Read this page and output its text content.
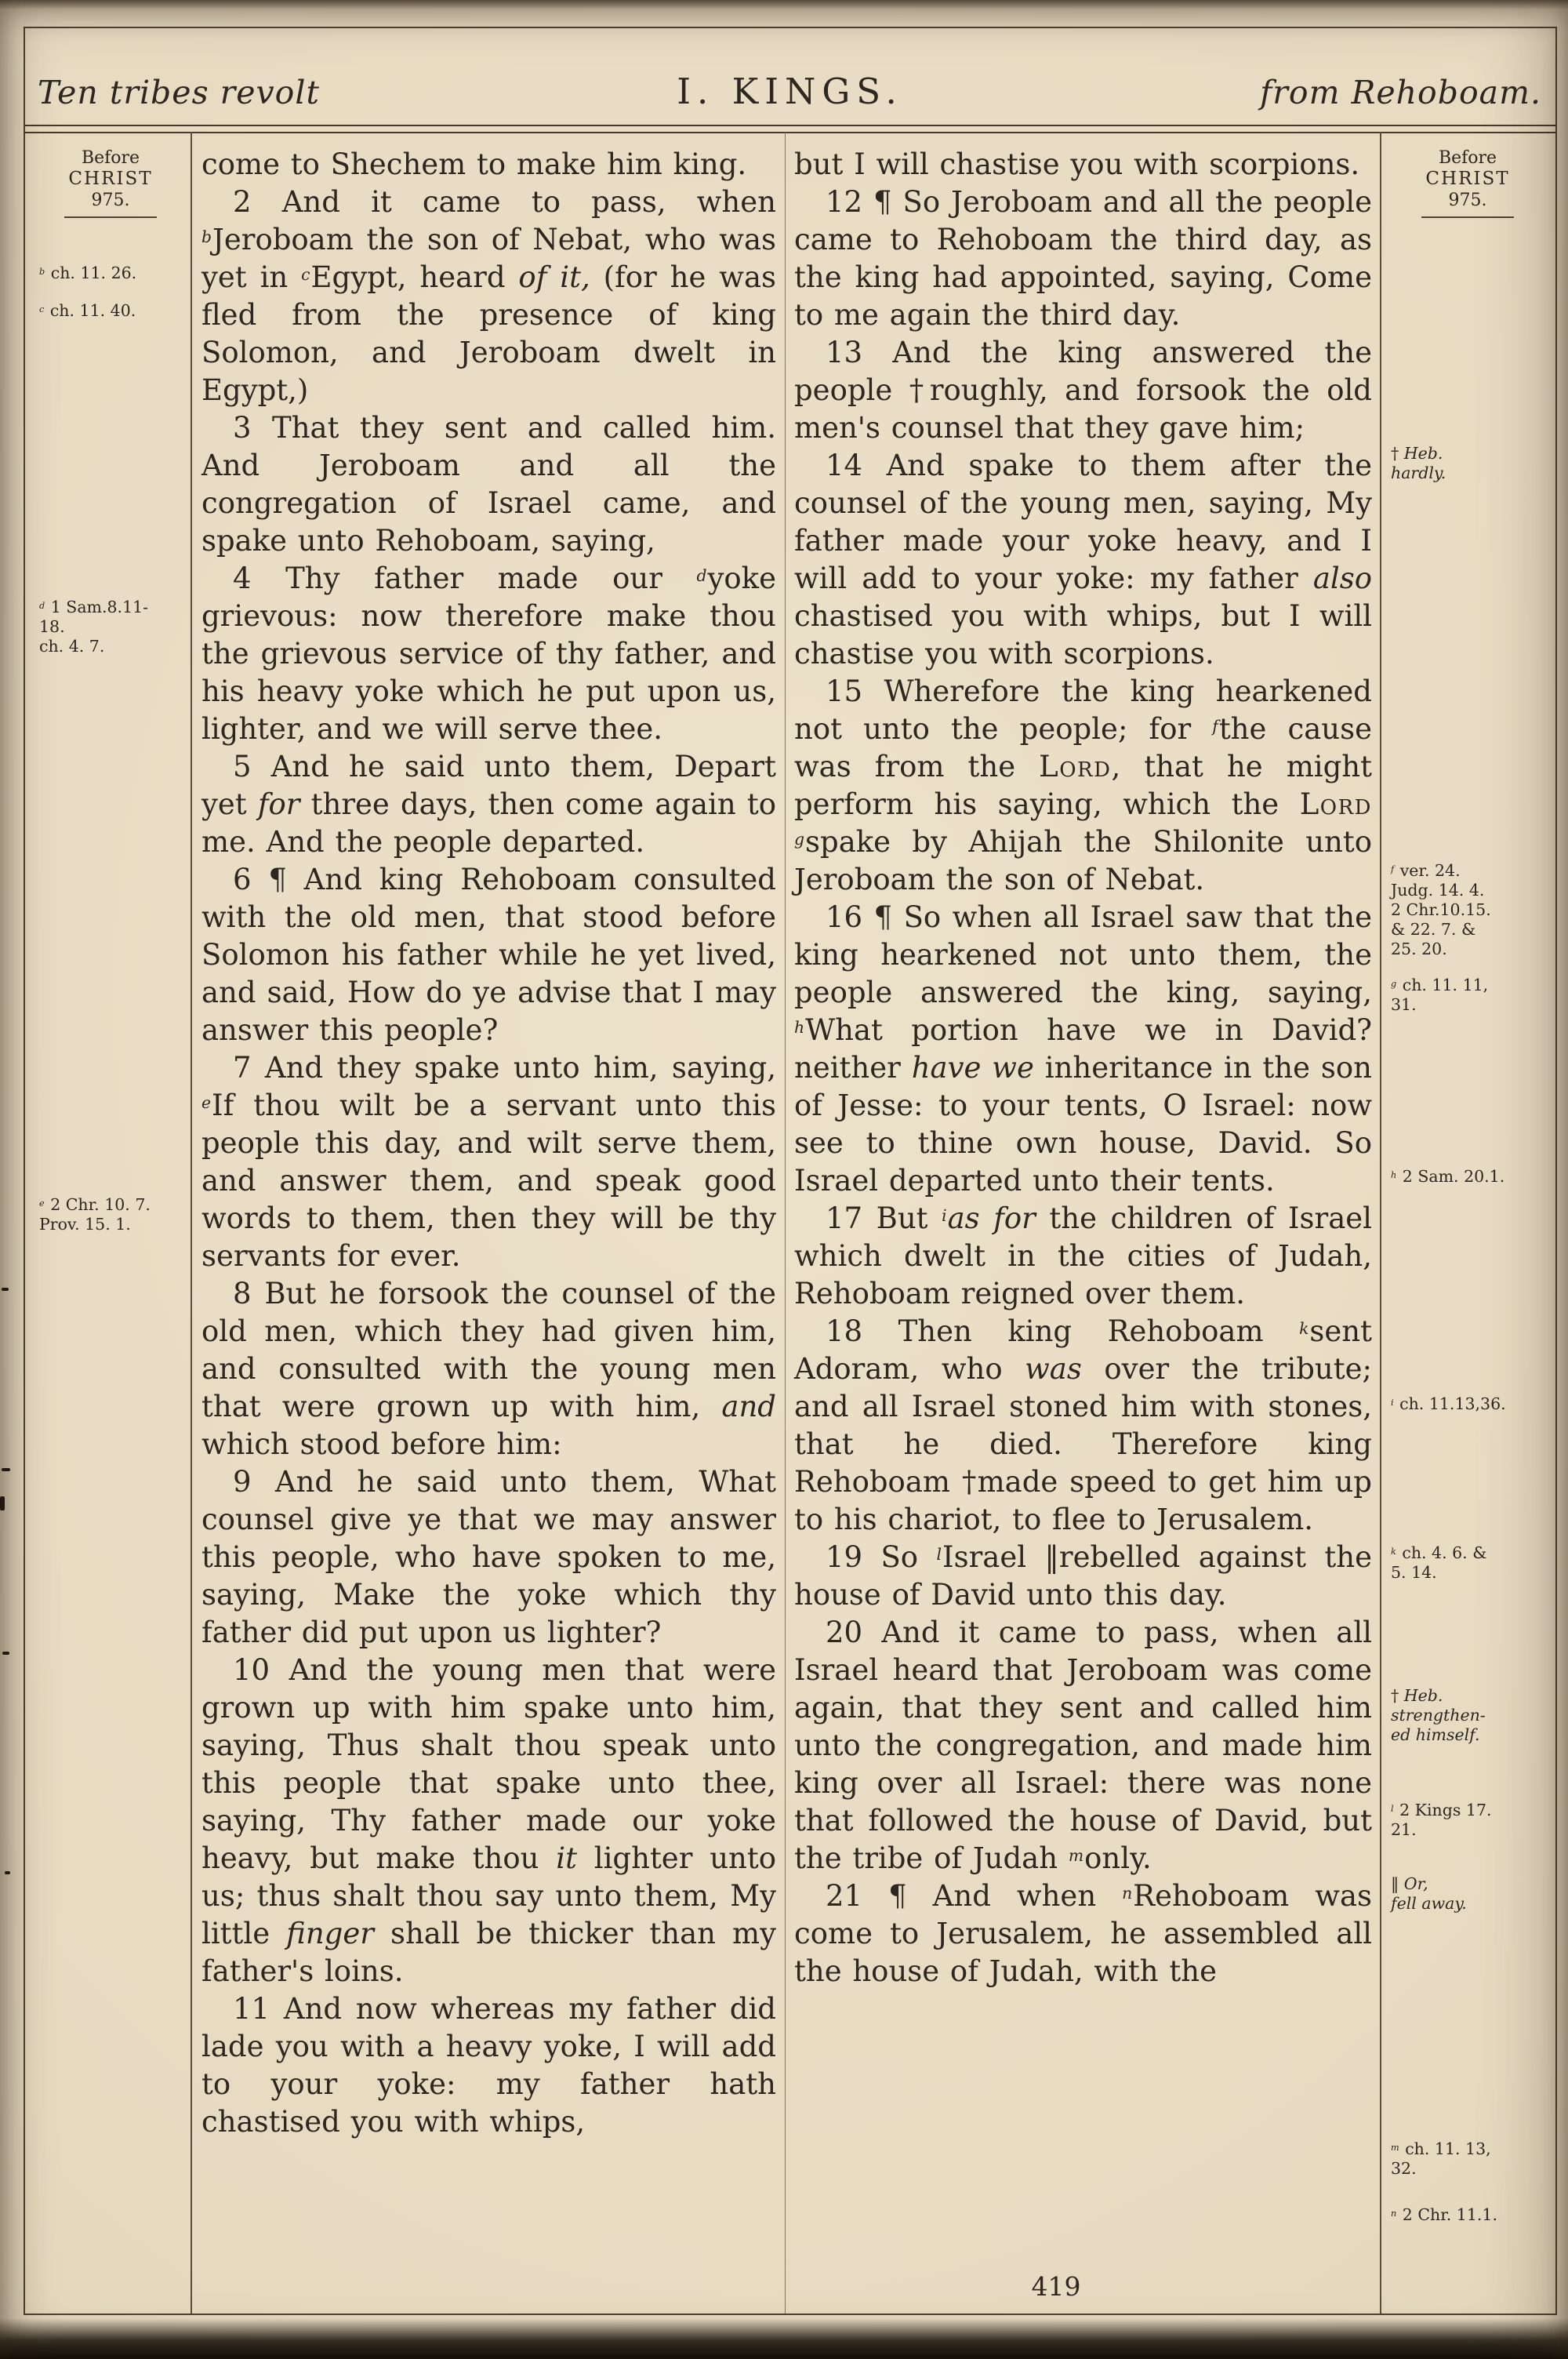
Ten tribes revolt	I. KINGS.	from Rehoboam.
Before
CHRIST
975.
$^b$ ch. 11. 26.
$^c$ ch. 11. 40.
$^d$ 1 Sam.8.11-
18.
ch. 4. 7.
$^e$ 2 Chr. 10. 7.
Prov. 15. 1.

come to Shechem to make him king.

2 And it came to pass, when $^b$Jeroboam the son of Nebat, who was yet in $^c$Egypt, heard of it, (for he was fled from the presence of king Solomon, and Jeroboam dwelt in Egypt,)

3 That they sent and called him. And Jeroboam and all the congregation of Israel came, and spake unto Rehoboam, saying,

4 Thy father made our $^d$yoke grievous: now therefore make thou the grievous service of thy father, and his heavy yoke which he put upon us, lighter, and we will serve thee.

5 And he said unto them, Depart yet for three days, then come again to me. And the people departed.

6 ¶ And king Rehoboam consulted with the old men, that stood before Solomon his father while he yet lived, and said, How do ye advise that I may answer this people?

7 And they spake unto him, saying, $^e$If thou wilt be a servant unto this people this day, and wilt serve them, and answer them, and speak good words to them, then they will be thy servants for ever.

8 But he forsook the counsel of the old men, which they had given him, and consulted with the young men that were grown up with him, and which stood before him:

9 And he said unto them, What counsel give ye that we may answer this people, who have spoken to me, saying, Make the yoke which thy father did put upon us lighter?

10 And the young men that were grown up with him spake unto him, saying, Thus shalt thou speak unto this people that spake unto thee, saying, Thy father made our yoke heavy, but make thou it lighter unto us; thus shalt thou say unto them, My little finger shall be thicker than my father's loins.

11 And now whereas my father did lade you with a heavy yoke, I will add to your yoke: my father hath chastised you with whips,

but I will chastise you with scorpions.

12 ¶ So Jeroboam and all the people came to Rehoboam the third day, as the king had appointed, saying, Come to me again the third day.

13 And the king answered the people †roughly, and forsook the old men's counsel that they gave him;

14 And spake to them after the counsel of the young men, saying, My father made your yoke heavy, and I will add to your yoke: my father also chastised you with whips, but I will chastise you with scorpions.

15 Wherefore the king hearkened not unto the people; for $^f$the cause was from the Lord, that he might perform his saying, which the Lord $^g$spake by Ahijah the Shilonite unto Jeroboam the son of Nebat.

16 ¶ So when all Israel saw that the king hearkened not unto them, the people answered the king, saying, $^h$What portion have we in David? neither have we inheritance in the son of Jesse: to your tents, O Israel: now see to thine own house, David. So Israel departed unto their tents.

17 But $^i$as for the children of Israel which dwelt in the cities of Judah, Rehoboam reigned over them.

18 Then king Rehoboam $^k$sent Adoram, who was over the tribute; and all Israel stoned him with stones, that he died. Therefore king Rehoboam †made speed to get him up to his chariot, to flee to Jerusalem.

19 So $^l$Israel ‖rebelled against the house of David unto this day.

20 And it came to pass, when all Israel heard that Jeroboam was come again, that they sent and called him unto the congregation, and made him king over all Israel: there was none that followed the house of David, but the tribe of Judah $^m$only.

21 ¶ And when $^n$Rehoboam was come to Jerusalem, he assembled all the house of Judah, with the

Before
CHRIST
975.
† Heb.
hardly.
$^f$ ver. 24.
Judg. 14. 4.
2 Chr.10.15.
& 22. 7. &
25. 20.
$^g$ ch. 11. 11,
31.
$^h$ 2 Sam. 20.1.
$^i$ ch. 11.13,36.
$^k$ ch. 4. 6. &
5. 14.
† Heb.
strengthen-
ed himself.
$^l$ 2 Kings 17.
21.
‖ Or,
fell away.
$^m$ ch. 11. 13,
32.
$^n$ 2 Chr. 11.1.
419
